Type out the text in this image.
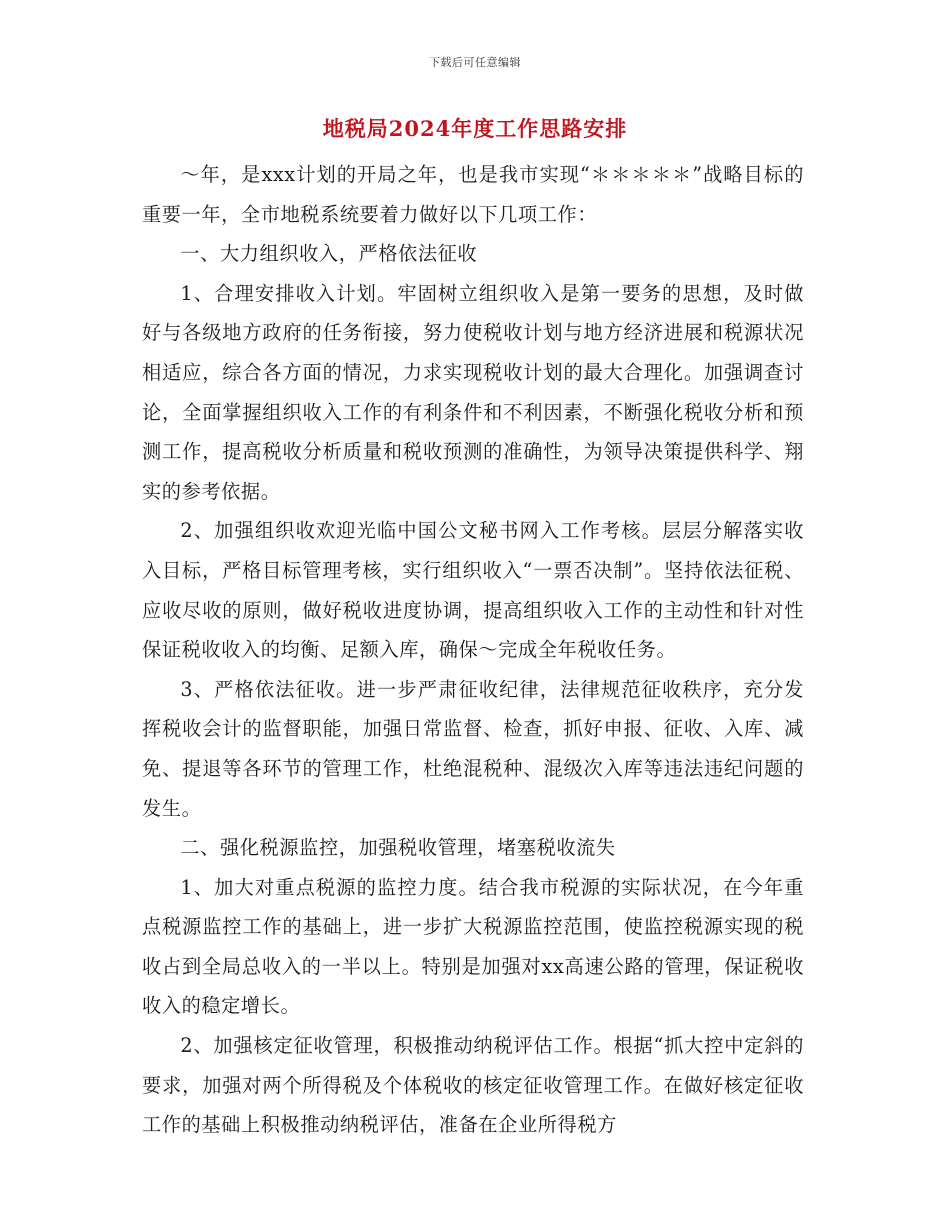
下载后可任意编辑
地税局2024年度工作思路安排

～年，是xxx计划的开局之年，也是我市实现“＊＊＊＊＊”战略目标的重要一年，全市地税系统要着力做好以下几项工作：

一、大力组织收入，严格依法征收

1、合理安排收入计划。牢固树立组织收入是第一要务的思想，及时做好与各级地方政府的任务衔接，努力使税收计划与地方经济进展和税源状况相适应，综合各方面的情况，力求实现税收计划的最大合理化。加强调查讨论，全面掌握组织收入工作的有利条件和不利因素，不断强化税收分析和预测工作，提高税收分析质量和税收预测的准确性，为领导决策提供科学、翔实的参考依据。

2、加强组织收欢迎光临中国公文秘书网入工作考核。层层分解落实收入目标，严格目标管理考核，实行组织收入“一票否决制”。坚持依法征税、应收尽收的原则，做好税收进度协调，提高组织收入工作的主动性和针对性保证税收收入的均衡、足额入库，确保～完成全年税收任务。

3、严格依法征收。进一步严肃征收纪律，法律规范征收秩序，充分发挥税收会计的监督职能，加强日常监督、检查，抓好申报、征收、入库、减免、提退等各环节的管理工作，杜绝混税种、混级次入库等违法违纪问题的发生。

二、强化税源监控，加强税收管理，堵塞税收流失

1、加大对重点税源的监控力度。结合我市税源的实际状况，在今年重点税源监控工作的基础上，进一步扩大税源监控范围，使监控税源实现的税收占到全局总收入的一半以上。特别是加强对xx高速公路的管理，保证税收收入的稳定增长。

2、加强核定征收管理，积极推动纳税评估工作。根据“抓大控中定斜的要求，加强对两个所得税及个体税收的核定征收管理工作。在做好核定征收工作的基础上积极推动纳税评估，准备在企业所得税方
